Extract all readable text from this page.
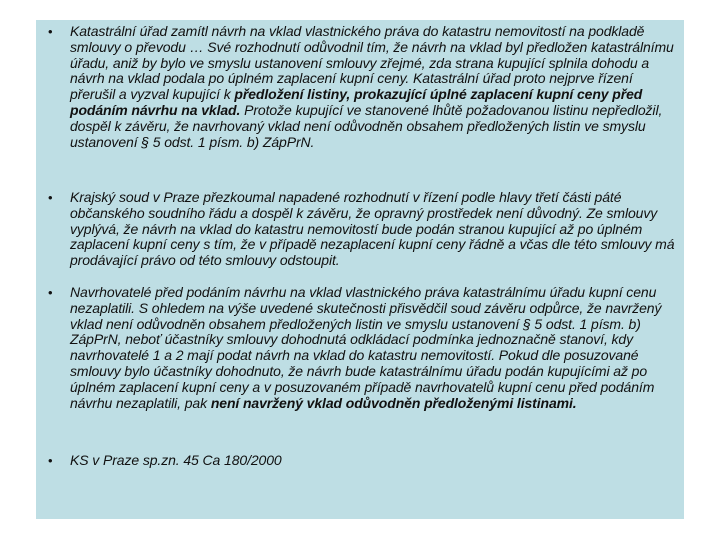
• Katastrální úřad zamítl návrh na vklad vlastnického práva do katastru nemovitostí na podkladě smlouvy o převodu … Své rozhodnutí odůvodnil tím, že návrh na vklad byl předložen katastrálnímu úřadu, aniž by bylo ve smyslu ustanovení smlouvy zřejmé, zda strana kupující splnila dohodu a návrh na vklad podala po úplném zaplacení kupní ceny. Katastrální úřad proto nejprve řízení přerušil a vyzval kupující k předložení listiny, prokazující úplné zaplacení kupní ceny před podáním návrhu na vklad. Protože kupující ve stanovené lhůtě požadovanou listinu nepředložil, dospěl k závěru, že navrhovaný vklad není odůvodněn obsahem předložených listin ve smyslu ustanovení § 5 odst. 1 písm. b) ZápPrN.
• Krajský soud v Praze přezkoumal napadené rozhodnutí v řízení podle hlavy třetí části páté občanského soudního řádu a dospěl k závěru, že opravný prostředek není důvodný. Ze smlouvy vyplývá, že návrh na vklad do katastru nemovitostí bude podán stranou kupující až po úplném zaplacení kupní ceny s tím, že v případě nezaplacení kupní ceny řádně a včas dle této smlouvy má prodávající právo od této smlouvy odstoupit.
• Navrhovatelé před podáním návrhu na vklad vlastnického práva katastrálnímu úřadu kupní cenu nezaplatili. S ohledem na výše uvedené skutečnosti přisvědčil soud závěru odpůrce, že navržený vklad není odůvodněn obsahem předložených listin ve smyslu ustanovení § 5 odst. 1 písm. b) ZápPrN, neboť účastníky smlouvy dohodnutá odkládací podmínka jednoznačně stanoví, kdy navrhovatelé 1 a 2 mají podat návrh na vklad do katastru nemovitostí. Pokud dle posuzované smlouvy bylo účastníky dohodnuto, že návrh bude katastrálnímu úřadu podán kupujícími až po úplném zaplacení kupní ceny a v posuzovaném případě navrhovatelů kupní cenu před podáním návrhu nezaplatili, pak není navržený vklad odůvodněn předloženými listinami.
• KS v Praze sp.zn. 45 Ca 180/2000
